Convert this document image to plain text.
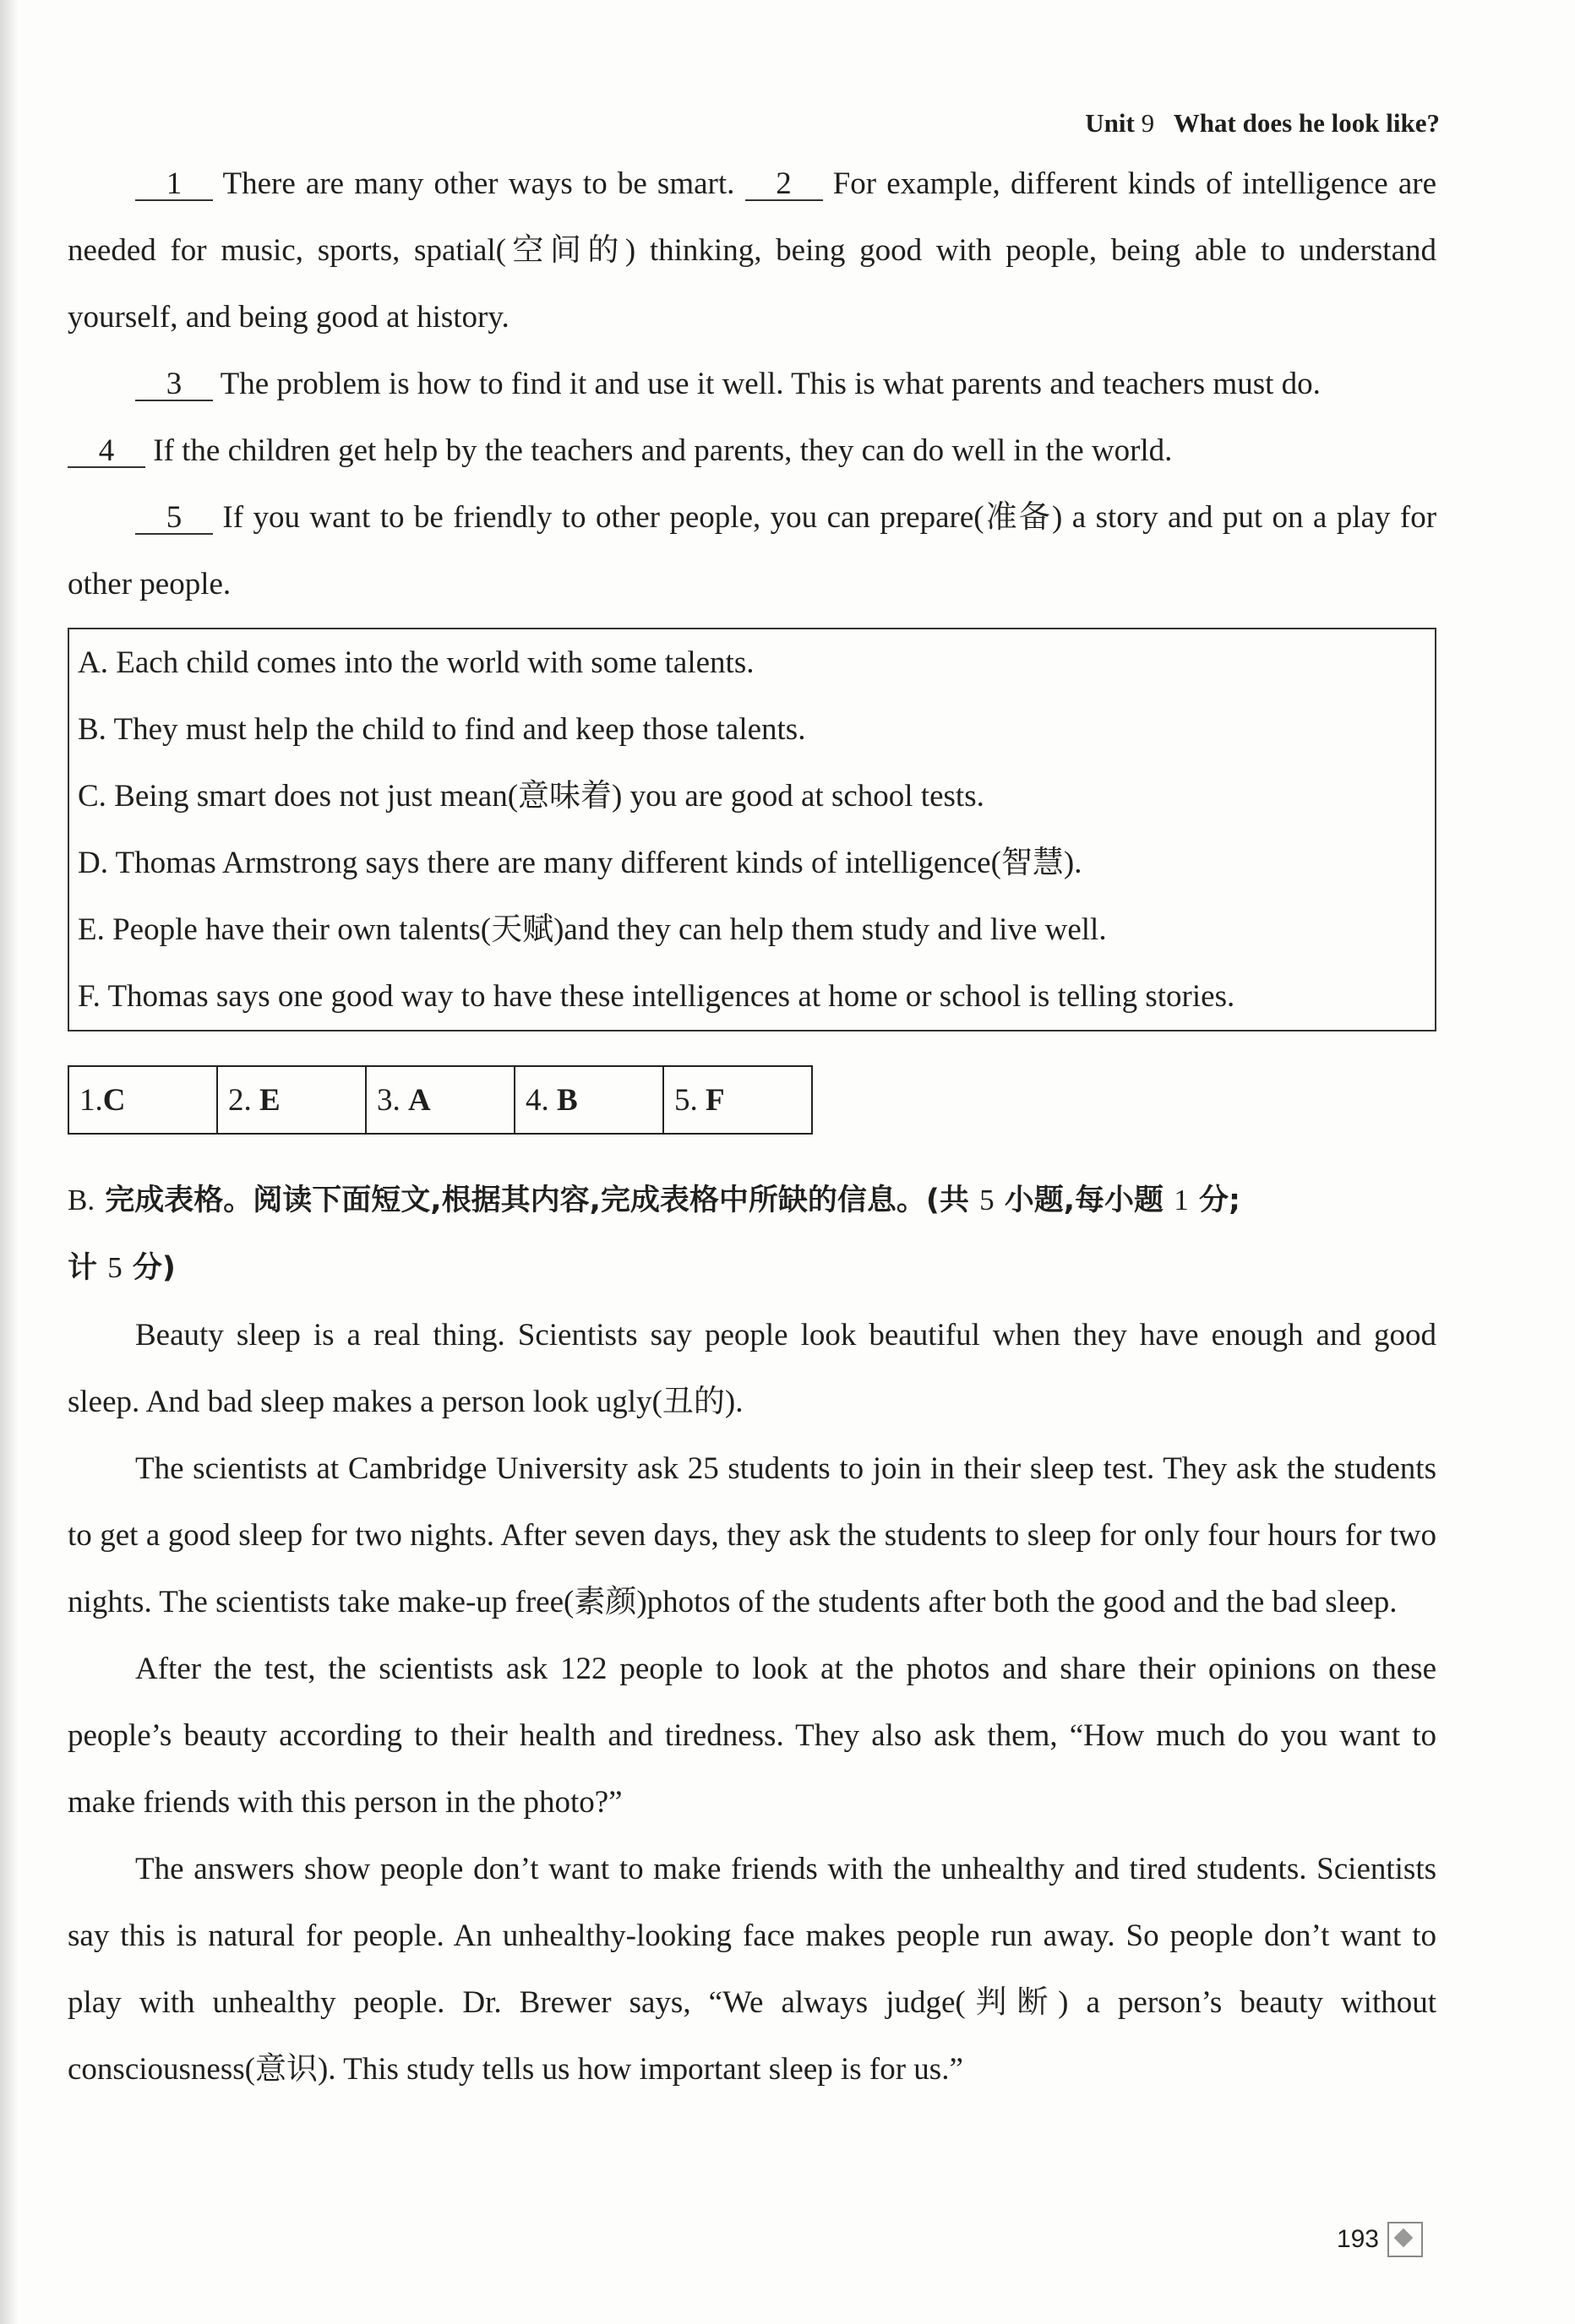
Unit 9 What does he look like?

1 There are many other ways to be smart. 2 For example, different kinds of intelligence are needed for music, sports, spatial(空间的) thinking, being good with people, being able to understand yourself, and being good at history.

3 The problem is how to find it and use it well. This is what parents and teachers must do.

4 If the children get help by the teachers and parents, they can do well in the world.

5 If you want to be friendly to other people, you can prepare(准备) a story and put on a play for other people.

A. Each child comes into the world with some talents.
B. They must help the child to find and keep those talents.
C. Being smart does not just mean(意味着) you are good at school tests.
D. Thomas Armstrong says there are many different kinds of intelligence(智慧).
E. People have their own talents(天赋)and they can help them study and live well.
F. Thomas says one good way to have these intelligences at home or school is telling stories.
1.C	2. E	3. A	4. B	5. F
B. 完成表格。阅读下面短文,根据其内容,完成表格中所缺的信息。(共 5 小题,每小题 1 分;
计 5 分)

Beauty sleep is a real thing. Scientists say people look beautiful when they have enough and good sleep. And bad sleep makes a person look ugly(丑的).

The scientists at Cambridge University ask 25 students to join in their sleep test. They ask the students to get a good sleep for two nights. After seven days, they ask the students to sleep for only four hours for two nights. The scientists take make-up free(素颜)photos of the students after both the good and the bad sleep.

After the test, the scientists ask 122 people to look at the photos and share their opinions on these people’s beauty according to their health and tiredness. They also ask them, “How much do you want to make friends with this person in the photo?”

The answers show people don’t want to make friends with the unhealthy and tired students. Scientists say this is natural for people. An unhealthy-looking face makes people run away. So people don’t want to play with unhealthy people. Dr. Brewer says, “We always judge(判断) a person’s beauty without consciousness(意识). This study tells us how important sleep is for us.”

193
